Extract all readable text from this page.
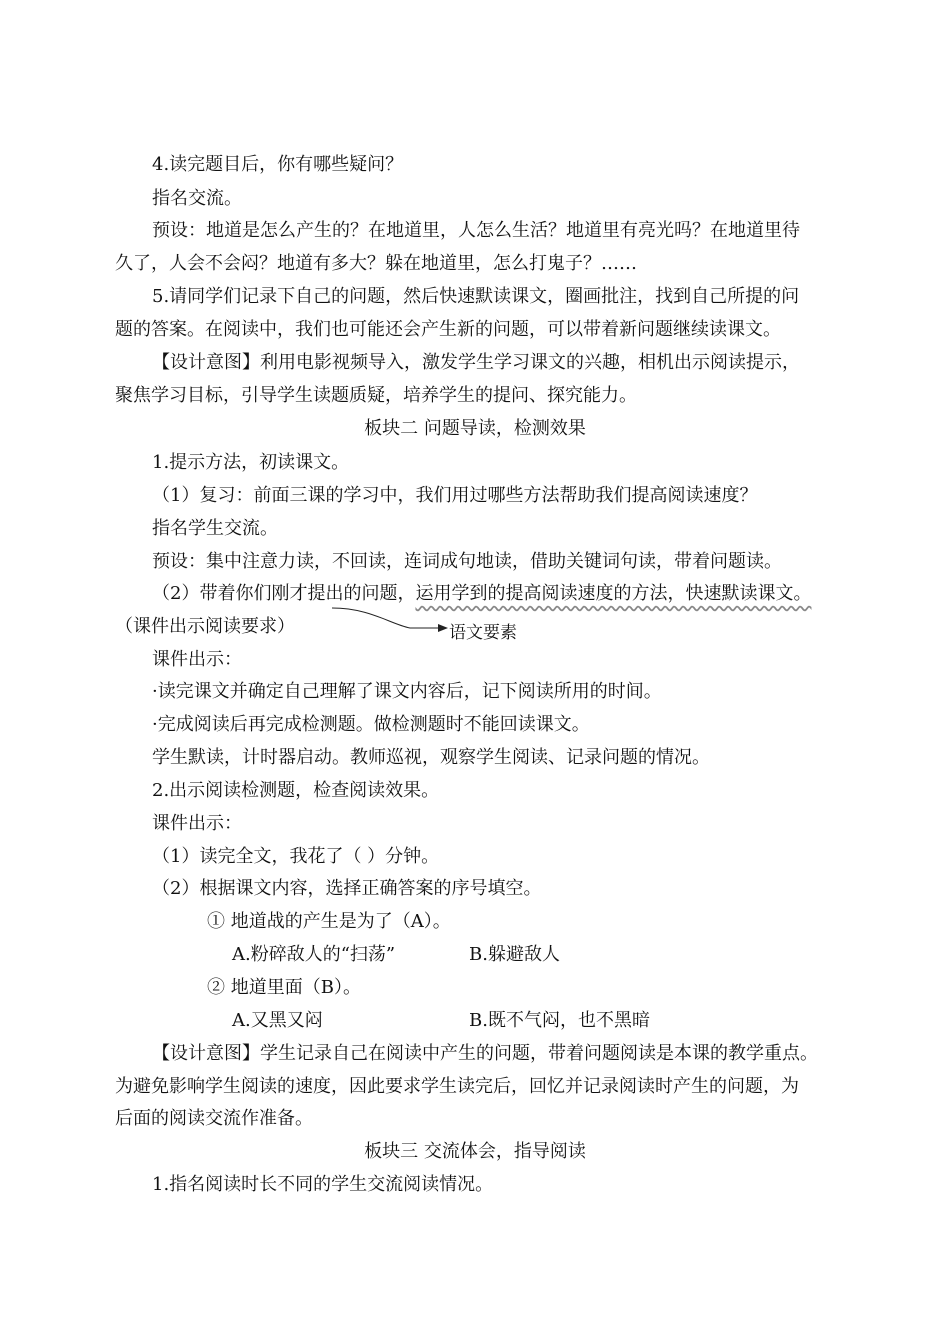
4.读完题目后，你有哪些疑问？
指名交流。
预设：地道是怎么产生的？在地道里，人怎么生活？地道里有亮光吗？在地道里待
久了，人会不会闷？地道有多大？躲在地道里，怎么打鬼子？……
5.请同学们记录下自己的问题，然后快速默读课文，圈画批注，找到自己所提的问
题的答案。在阅读中，我们也可能还会产生新的问题，可以带着新问题继续读课文。
【设计意图】利用电影视频导入，激发学生学习课文的兴趣，相机出示阅读提示，
聚焦学习目标，引导学生读题质疑，培养学生的提问、探究能力。
板块二 问题导读，检测效果
1.提示方法，初读课文。
（1）复习：前面三课的学习中，我们用过哪些方法帮助我们提高阅读速度？
指名学生交流。
预设：集中注意力读，不回读，连词成句地读，借助关键词句读，带着问题读。
（2）带着你们刚才提出的问题，运用学到的提高阅读速度的方法，快速默读课文。
（课件出示阅读要求）	语文要素
课件出示：
·读完课文并确定自己理解了课文内容后，记下阅读所用的时间。
·完成阅读后再完成检测题。做检测题时不能回读课文。
学生默读，计时器启动。教师巡视，观察学生阅读、记录问题的情况。
2.出示阅读检测题，检查阅读效果。
课件出示：
（1）读完全文，我花了（ ）分钟。
（2）根据课文内容，选择正确答案的序号填空。
① 地道战的产生是为了（A）。
A.粉碎敌人的“扫荡”	B.躲避敌人
② 地道里面（B）。
A.又黑又闷	B.既不气闷，也不黑暗
【设计意图】学生记录自己在阅读中产生的问题，带着问题阅读是本课的教学重点。
为避免影响学生阅读的速度，因此要求学生读完后，回忆并记录阅读时产生的问题，为
后面的阅读交流作准备。
板块三 交流体会，指导阅读
1.指名阅读时长不同的学生交流阅读情况。
